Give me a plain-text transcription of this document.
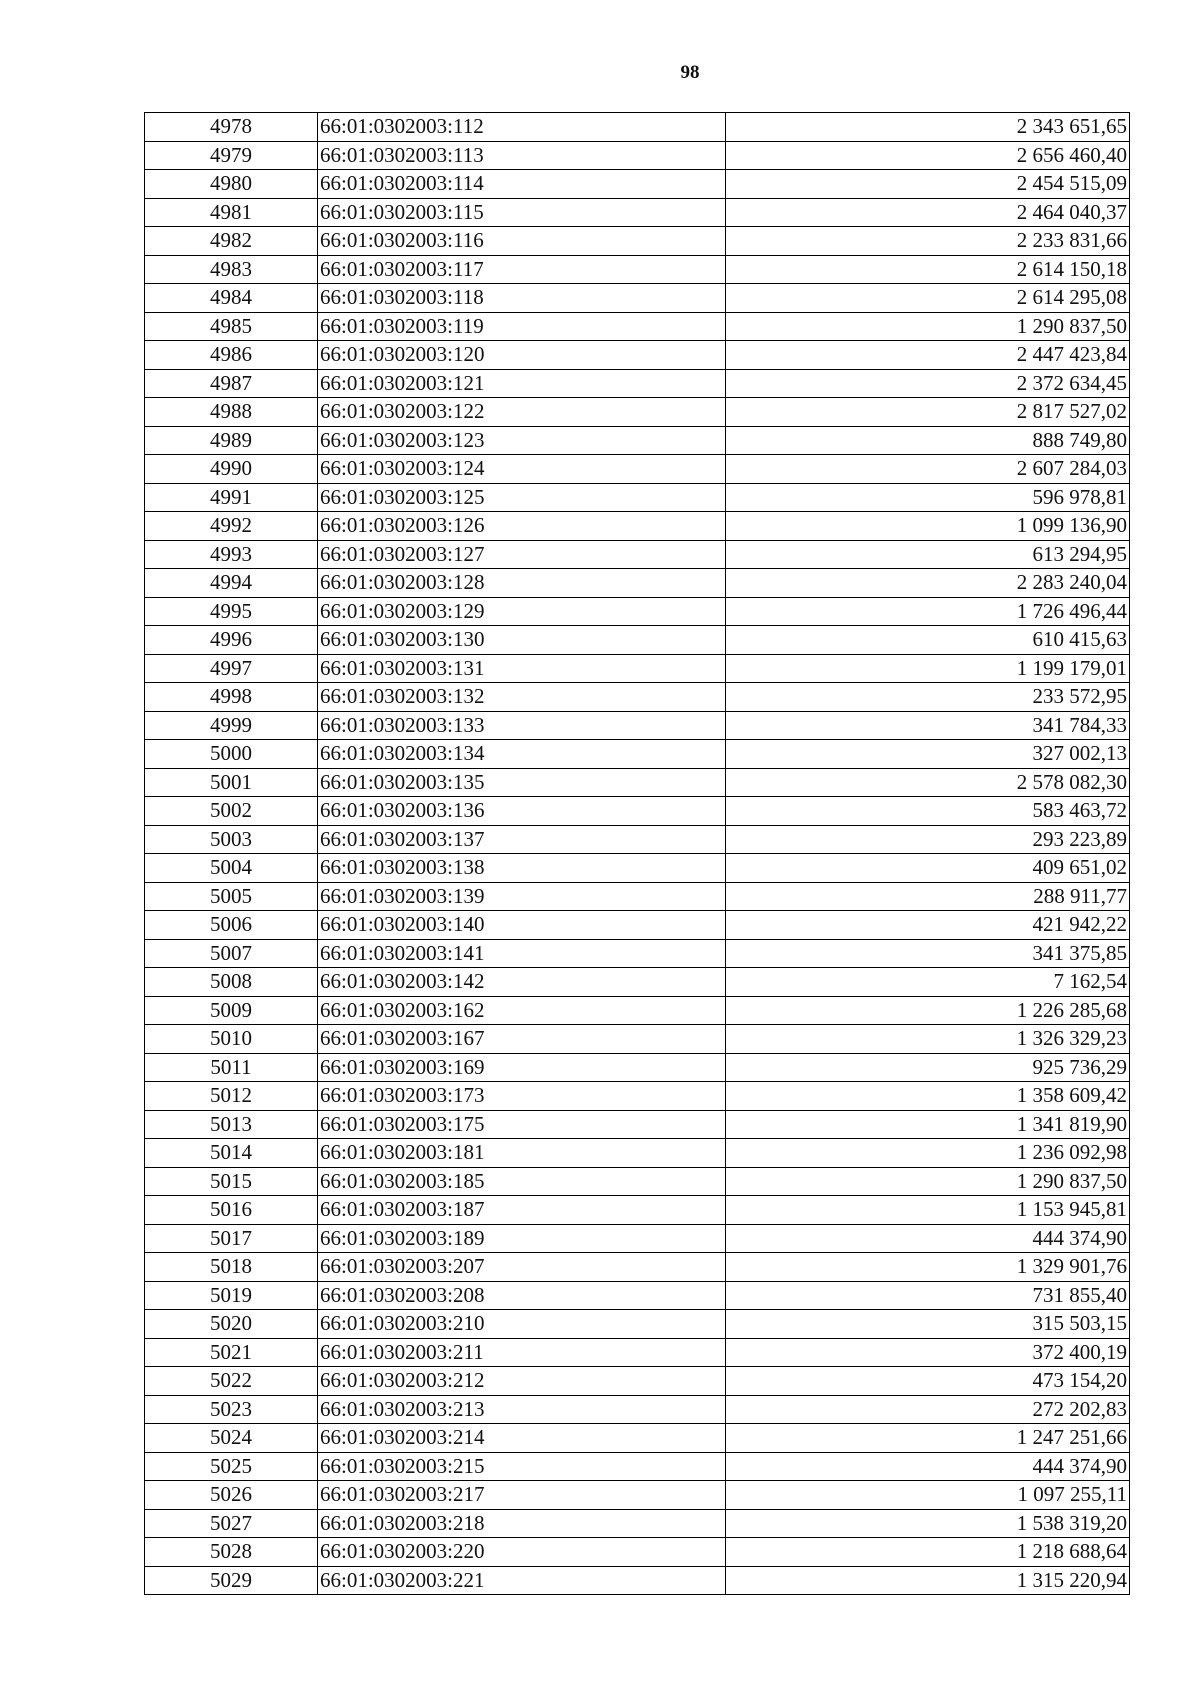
98
4978	66:01:0302003:112	2 343 651,65
4979	66:01:0302003:113	2 656 460,40
4980	66:01:0302003:114	2 454 515,09
4981	66:01:0302003:115	2 464 040,37
4982	66:01:0302003:116	2 233 831,66
4983	66:01:0302003:117	2 614 150,18
4984	66:01:0302003:118	2 614 295,08
4985	66:01:0302003:119	1 290 837,50
4986	66:01:0302003:120	2 447 423,84
4987	66:01:0302003:121	2 372 634,45
4988	66:01:0302003:122	2 817 527,02
4989	66:01:0302003:123	888 749,80
4990	66:01:0302003:124	2 607 284,03
4991	66:01:0302003:125	596 978,81
4992	66:01:0302003:126	1 099 136,90
4993	66:01:0302003:127	613 294,95
4994	66:01:0302003:128	2 283 240,04
4995	66:01:0302003:129	1 726 496,44
4996	66:01:0302003:130	610 415,63
4997	66:01:0302003:131	1 199 179,01
4998	66:01:0302003:132	233 572,95
4999	66:01:0302003:133	341 784,33
5000	66:01:0302003:134	327 002,13
5001	66:01:0302003:135	2 578 082,30
5002	66:01:0302003:136	583 463,72
5003	66:01:0302003:137	293 223,89
5004	66:01:0302003:138	409 651,02
5005	66:01:0302003:139	288 911,77
5006	66:01:0302003:140	421 942,22
5007	66:01:0302003:141	341 375,85
5008	66:01:0302003:142	7 162,54
5009	66:01:0302003:162	1 226 285,68
5010	66:01:0302003:167	1 326 329,23
5011	66:01:0302003:169	925 736,29
5012	66:01:0302003:173	1 358 609,42
5013	66:01:0302003:175	1 341 819,90
5014	66:01:0302003:181	1 236 092,98
5015	66:01:0302003:185	1 290 837,50
5016	66:01:0302003:187	1 153 945,81
5017	66:01:0302003:189	444 374,90
5018	66:01:0302003:207	1 329 901,76
5019	66:01:0302003:208	731 855,40
5020	66:01:0302003:210	315 503,15
5021	66:01:0302003:211	372 400,19
5022	66:01:0302003:212	473 154,20
5023	66:01:0302003:213	272 202,83
5024	66:01:0302003:214	1 247 251,66
5025	66:01:0302003:215	444 374,90
5026	66:01:0302003:217	1 097 255,11
5027	66:01:0302003:218	1 538 319,20
5028	66:01:0302003:220	1 218 688,64
5029	66:01:0302003:221	1 315 220,94
